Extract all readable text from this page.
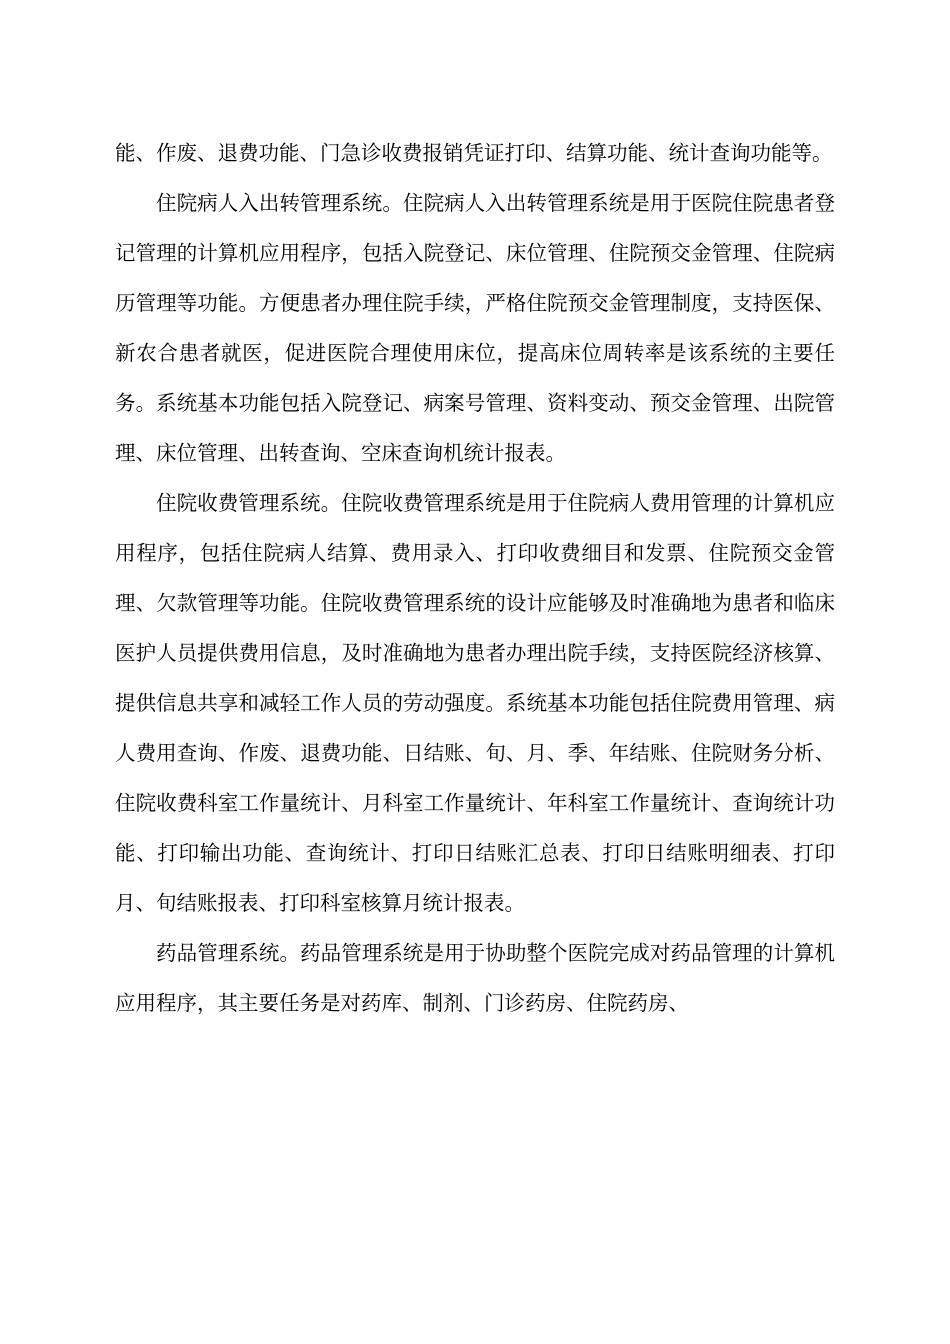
能、作废、退费功能、门急诊收费报销凭证打印、结算功能、统计查询功能等。

住院病人入出转管理系统。住院病人入出转管理系统是用于医院住院患者登记管理的计算机应用程序，包括入院登记、床位管理、住院预交金管理、住院病历管理等功能。方便患者办理住院手续，严格住院预交金管理制度，支持医保、新农合患者就医，促进医院合理使用床位，提高床位周转率是该系统的主要任务。系统基本功能包括入院登记、病案号管理、资料变动、预交金管理、出院管理、床位管理、出转查询、空床查询机统计报表。

住院收费管理系统。住院收费管理系统是用于住院病人费用管理的计算机应用程序，包括住院病人结算、费用录入、打印收费细目和发票、住院预交金管理、欠款管理等功能。住院收费管理系统的设计应能够及时准确地为患者和临床医护人员提供费用信息，及时准确地为患者办理出院手续，支持医院经济核算、提供信息共享和减轻工作人员的劳动强度。系统基本功能包括住院费用管理、病人费用查询、作废、退费功能、日结账、旬、月、季、年结账、住院财务分析、住院收费科室工作量统计、月科室工作量统计、年科室工作量统计、查询统计功能、打印输出功能、查询统计、打印日结账汇总表、打印日结账明细表、打印月、旬结账报表、打印科室核算月统计报表。

药品管理系统。药品管理系统是用于协助整个医院完成对药品管理的计算机应用程序，其主要任务是对药库、制剂、门诊药房、住院药房、
